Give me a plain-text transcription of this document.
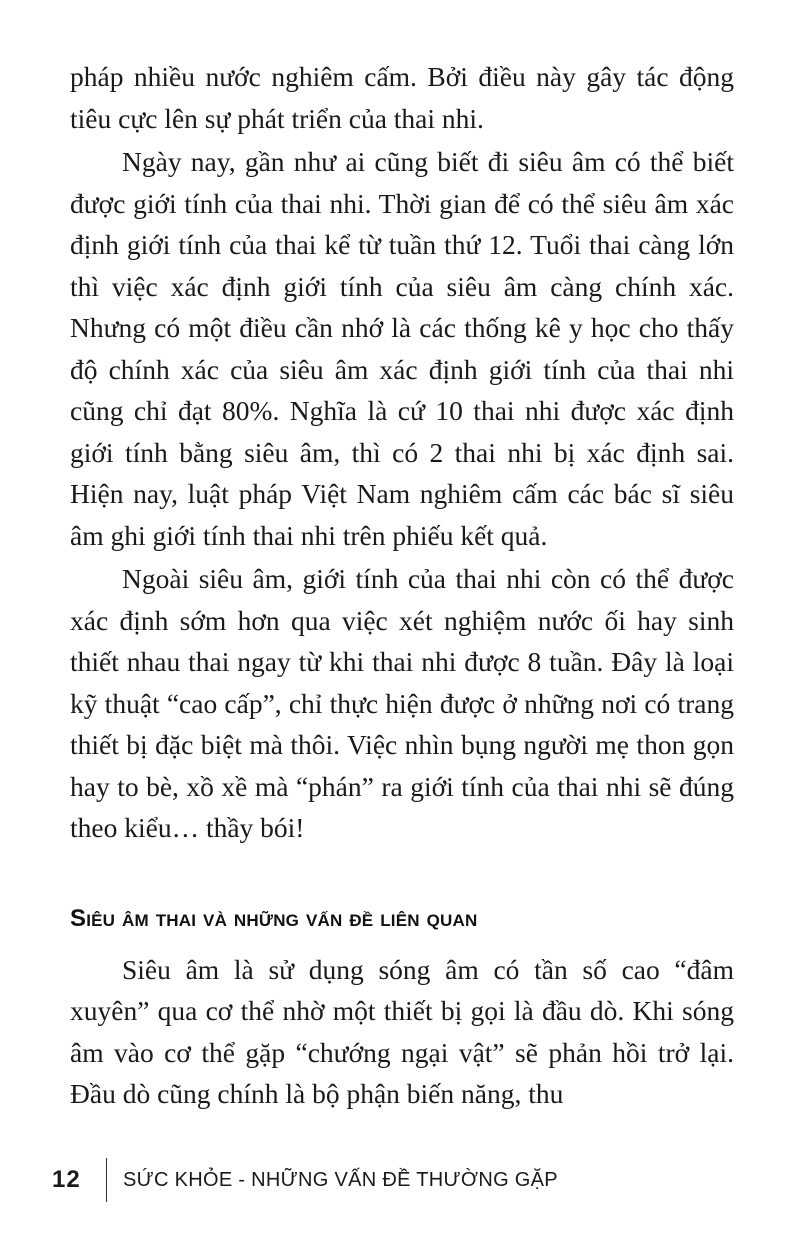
pháp nhiều nước nghiêm cấm. Bởi điều này gây tác động tiêu cực lên sự phát triển của thai nhi.

Ngày nay, gần như ai cũng biết đi siêu âm có thể biết được giới tính của thai nhi. Thời gian để có thể siêu âm xác định giới tính của thai kể từ tuần thứ 12. Tuổi thai càng lớn thì việc xác định giới tính của siêu âm càng chính xác. Nhưng có một điều cần nhớ là các thống kê y học cho thấy độ chính xác của siêu âm xác định giới tính của thai nhi cũng chỉ đạt 80%. Nghĩa là cứ 10 thai nhi được xác định giới tính bằng siêu âm, thì có 2 thai nhi bị xác định sai. Hiện nay, luật pháp Việt Nam nghiêm cấm các bác sĩ siêu âm ghi giới tính thai nhi trên phiếu kết quả.

Ngoài siêu âm, giới tính của thai nhi còn có thể được xác định sớm hơn qua việc xét nghiệm nước ối hay sinh thiết nhau thai ngay từ khi thai nhi được 8 tuần. Đây là loại kỹ thuật “cao cấp”, chỉ thực hiện được ở những nơi có trang thiết bị đặc biệt mà thôi. Việc nhìn bụng người mẹ thon gọn hay to bè, xồ xề mà “phán” ra giới tính của thai nhi sẽ đúng theo kiểu… thầy bói!

Siêu âm thai và những vấn đề liên quan

Siêu âm là sử dụng sóng âm có tần số cao “đâm xuyên” qua cơ thể nhờ một thiết bị gọi là đầu dò. Khi sóng âm vào cơ thể gặp “chướng ngại vật” sẽ phản hồi trở lại. Đầu dò cũng chính là bộ phận biến năng, thu

12	SỨC KHỎE - NHỮNG VẤN ĐỀ THƯỜNG GẶP
